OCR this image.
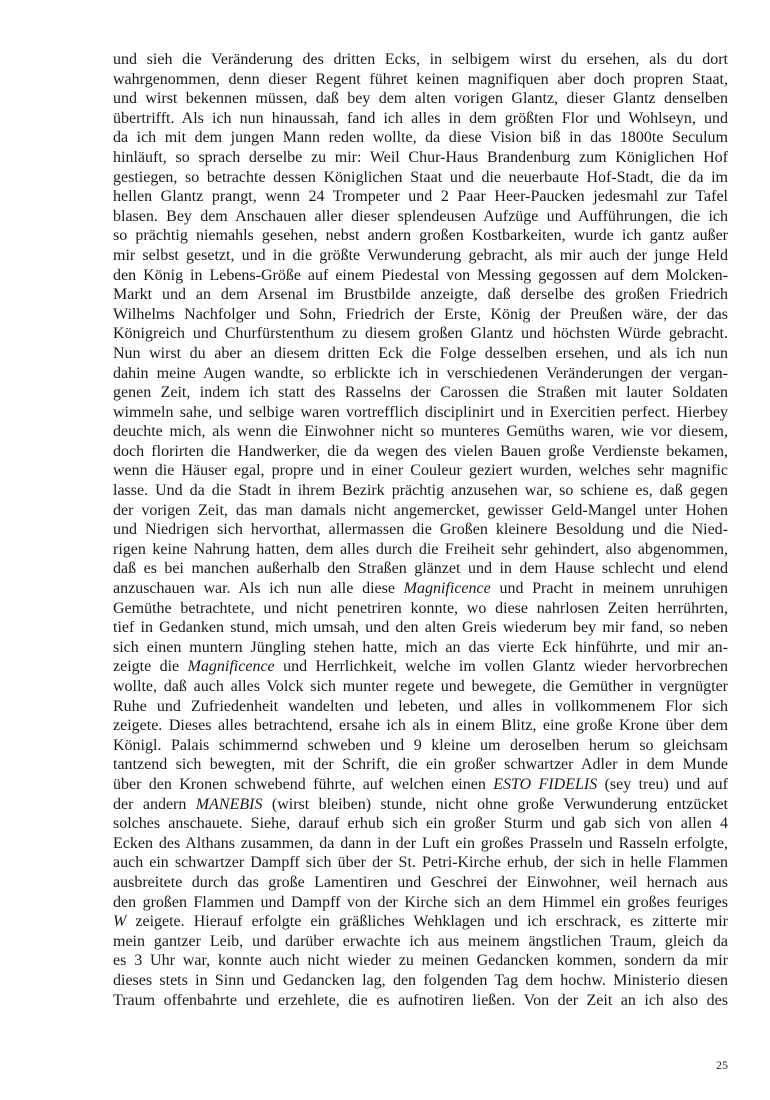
und sieh die Veränderung des dritten Ecks, in selbigem wirst du ersehen, als du dort
wahrgenommen, denn dieser Regent führet keinen magnifiquen aber doch propren Staat,
und wirst bekennen müssen, daß bey dem alten vorigen Glantz, dieser Glantz denselben
übertrifft. Als ich nun hinaussah, fand ich alles in dem größten Flor und Wohlseyn, und
da ich mit dem jungen Mann reden wollte, da diese Vision biß in das 1800te Seculum
hinläuft, so sprach derselbe zu mir: Weil Chur-Haus Brandenburg zum Königlichen Hof
gestiegen, so betrachte dessen Königlichen Staat und die neuerbaute Hof-Stadt, die da im
hellen Glantz prangt, wenn 24 Trompeter und 2 Paar Heer-Paucken jedesmahl zur Tafel
blasen. Bey dem Anschauen aller dieser splendeusen Aufzüge und Aufführungen, die ich
so prächtig niemahls gesehen, nebst andern großen Kostbarkeiten, wurde ich gantz außer
mir selbst gesetzt, und in die größte Verwunderung gebracht, als mir auch der junge Held
den König in Lebens-Größe auf einem Piedestal von Messing gegossen auf dem Molcken-
Markt und an dem Arsenal im Brustbilde anzeigte, daß derselbe des großen Friedrich
Wilhelms Nachfolger und Sohn, Friedrich der Erste, König der Preußen wäre, der das
Königreich und Churfürstenthum zu diesem großen Glantz und höchsten Würde gebracht.
Nun wirst du aber an diesem dritten Eck die Folge desselben ersehen, und als ich nun
dahin meine Augen wandte, so erblickte ich in verschiedenen Veränderungen der vergan-
genen Zeit, indem ich statt des Rasselns der Carossen die Straßen mit lauter Soldaten
wimmeln sahe, und selbige waren vortrefflich disciplinirt und in Exercitien perfect. Hierbey
deuchte mich, als wenn die Einwohner nicht so munteres Gemüths waren, wie vor diesem,
doch florirten die Handwerker, die da wegen des vielen Bauen große Verdienste bekamen,
wenn die Häuser egal, propre und in einer Couleur geziert wurden, welches sehr magnific
lasse. Und da die Stadt in ihrem Bezirk prächtig anzusehen war, so schiene es, daß gegen
der vorigen Zeit, das man damals nicht angemercket, gewisser Geld-Mangel unter Hohen
und Niedrigen sich hervorthat, allermassen die Großen kleinere Besoldung und die Nied-
rigen keine Nahrung hatten, dem alles durch die Freiheit sehr gehindert, also abgenommen,
daß es bei manchen außerhalb den Straßen glänzet und in dem Hause schlecht und elend
anzuschauen war. Als ich nun alle diese Magnificence und Pracht in meinem unruhigen
Gemüthe betrachtete, und nicht penetriren konnte, wo diese nahrlosen Zeiten herrührten,
tief in Gedanken stund, mich umsah, und den alten Greis wiederum bey mir fand, so neben
sich einen muntern Jüngling stehen hatte, mich an das vierte Eck hinführte, und mir an-
zeigte die Magnificence und Herrlichkeit, welche im vollen Glantz wieder hervorbrechen
wollte, daß auch alles Volck sich munter regete und bewegete, die Gemüther in vergnügter
Ruhe und Zufriedenheit wandelten und lebeten, und alles in vollkommenem Flor sich
zeigete. Dieses alles betrachtend, ersahe ich als in einem Blitz, eine große Krone über dem
Königl. Palais schimmernd schweben und 9 kleine um deroselben herum so gleichsam
tantzend sich bewegten, mit der Schrift, die ein großer schwartzer Adler in dem Munde
über den Kronen schwebend führte, auf welchen einen ESTO FIDELIS (sey treu) und auf
der andern MANEBIS (wirst bleiben) stunde, nicht ohne große Verwunderung entzücket
solches anschauete. Siehe, darauf erhub sich ein großer Sturm und gab sich von allen 4
Ecken des Althans zusammen, da dann in der Luft ein großes Prasseln und Rasseln erfolgte,
auch ein schwartzer Dampff sich über der St. Petri-Kirche erhub, der sich in helle Flammen
ausbreitete durch das große Lamentiren und Geschrei der Einwohner, weil hernach aus
den großen Flammen und Dampff von der Kirche sich an dem Himmel ein großes feuriges
W zeigete. Hierauf erfolgte ein gräßliches Wehklagen und ich erschrack, es zitterte mir
mein gantzer Leib, und darüber erwachte ich aus meinem ängstlichen Traum, gleich da
es 3 Uhr war, konnte auch nicht wieder zu meinen Gedancken kommen, sondern da mir
dieses stets in Sinn und Gedancken lag, den folgenden Tag dem hochw. Ministerio diesen
Traum offenbahrte und erzehlete, die es aufnotiren ließen. Von der Zeit an ich also des
25
